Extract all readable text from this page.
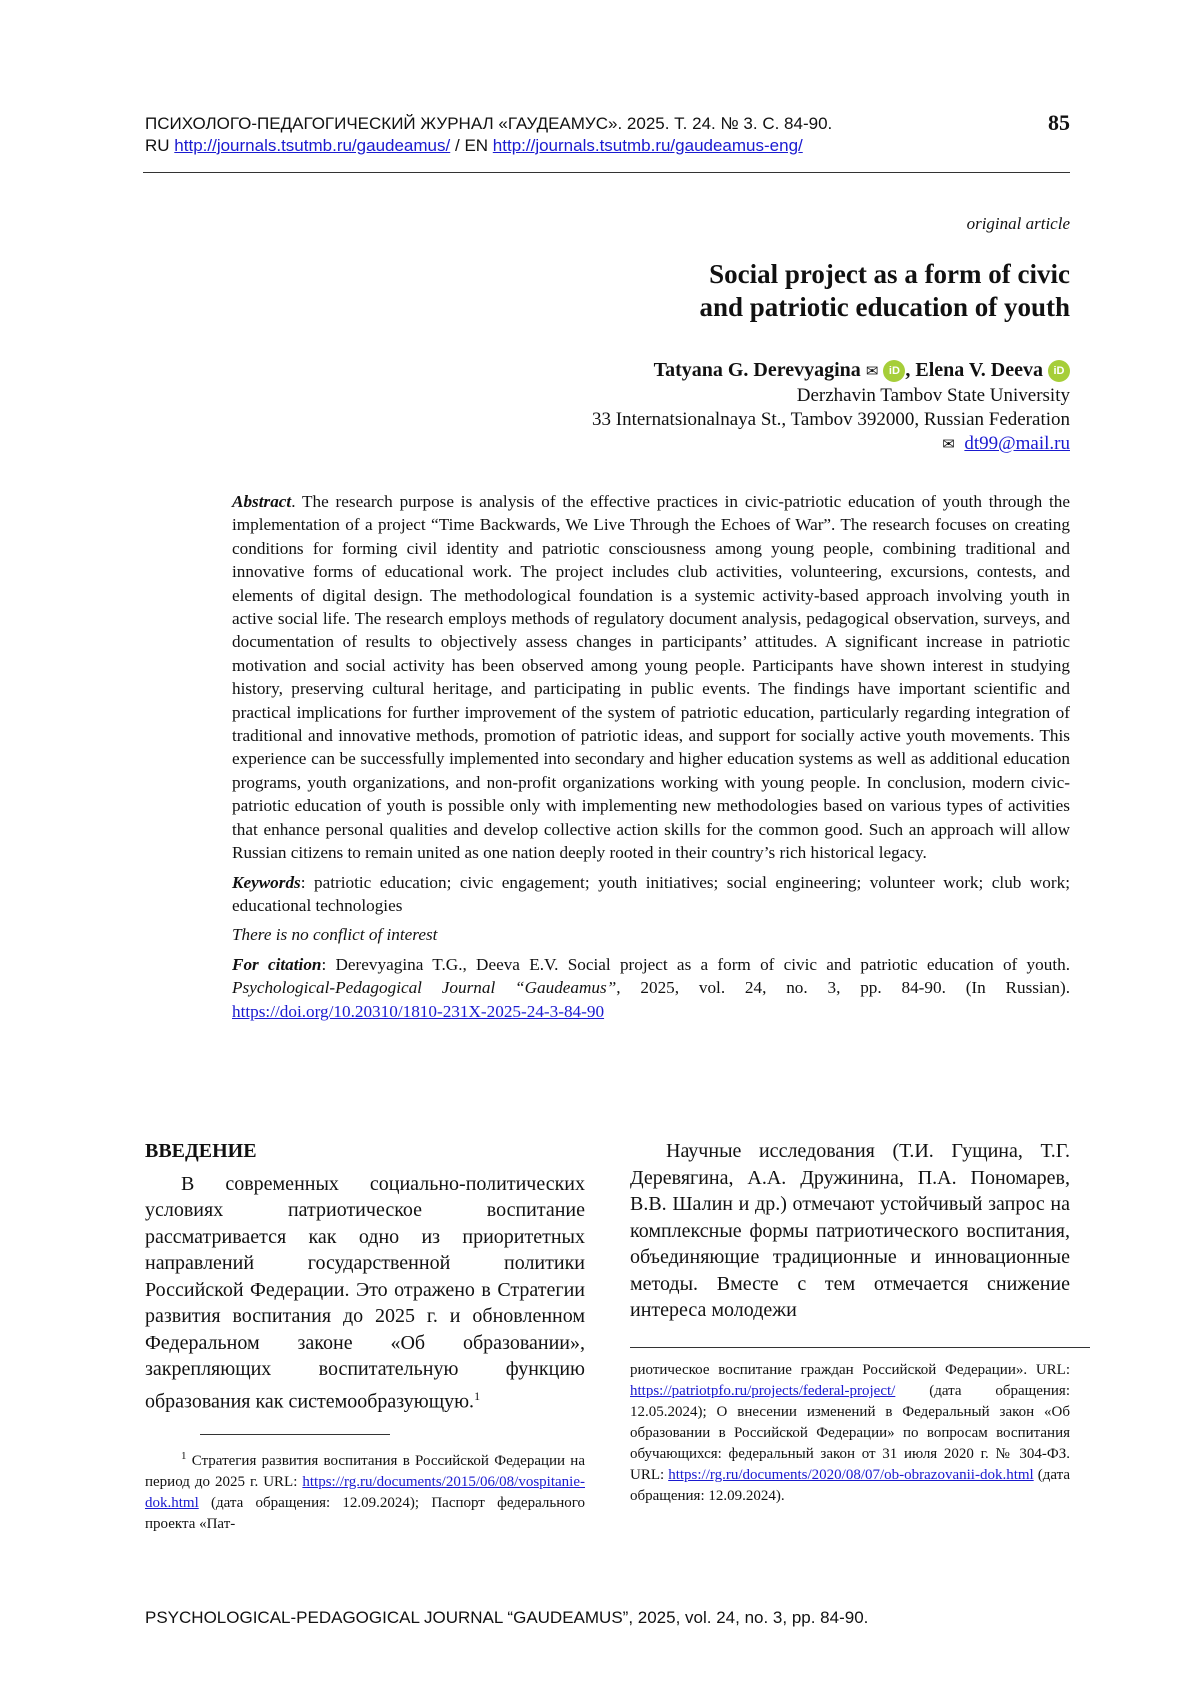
ПСИХОЛОГО-ПЕДАГОГИЧЕСКИЙ ЖУРНАЛ «ГАУДЕАМУС». 2025. Т. 24. № 3. С. 84-90.
RU http://journals.tsutmb.ru/gaudeamus/ / EN http://journals.tsutmb.ru/gaudeamus-eng/
85
original article
Social project as a form of civic
and patriotic education of youth
Tatyana G. Derevyagina ✉ iD , Elena V. Deeva iD
Derzhavin Tambov State University
33 Internatsionalnaya St., Tambov 392000, Russian Federation
✉ dt99@mail.ru

Abstract. The research purpose is analysis of the effective practices in civic-patriotic education of youth through the implementation of a project “Time Backwards, We Live Through the Echoes of War”. The research focuses on creating conditions for forming civil identity and patriotic consciousness among young people, combining traditional and innovative forms of educational work. The project includes club activities, volunteering, excursions, contests, and elements of digital design. The methodological foundation is a systemic activity-based approach involving youth in active social life. The research employs methods of regulatory document analysis, pedagogical observation, surveys, and documentation of results to objectively assess changes in participants’ attitudes. A significant increase in patriotic motivation and social activity has been observed among young people. Participants have shown interest in studying history, preserving cultural heritage, and participating in public events. The findings have important scientific and practical implications for further improvement of the system of patriotic education, particularly regarding integration of traditional and innovative methods, promotion of patriotic ideas, and support for socially active youth movements. This experience can be successfully implemented into secondary and higher education systems as well as additional education programs, youth organizations, and non-profit organizations working with young people. In conclusion, modern civic-patriotic education of youth is possible only with implementing new methodologies based on various types of activities that enhance personal qualities and develop collective action skills for the common good. Such an approach will allow Russian citizens to remain united as one nation deeply rooted in their country’s rich historical legacy.

Keywords: patriotic education; civic engagement; youth initiatives; social engineering; volunteer work; club work; educational technologies

There is no conflict of interest

For citation: Derevyagina T.G., Deeva E.V. Social project as a form of civic and patriotic education of youth. Psychological-Pedagogical Journal “Gaudeamus”, 2025, vol. 24, no. 3, pp. 84-90. (In Russian). https://doi.org/10.20310/1810-231X-2025-24-3-84-90

ВВЕДЕНИЕ

В современных социально-политических условиях патриотическое воспитание рассматривается как одно из приоритетных направлений государственной политики Российской Федерации. Это отражено в Стратегии развития воспитания до 2025 г. и обновленном Федеральном законе «Об образовании», закрепляющих воспитательную функцию образования как системообразующую.$^1$

Научные исследования (Т.И. Гущина, Т.Г. Деревягина, А.А. Дружинина, П.А. Пономарев, В.В. Шалин и др.) отмечают устойчивый запрос на комплексные формы патриотического воспитания, объединяющие традиционные и инновационные методы. Вместе с тем отмечается снижение интереса молодежи

$^1$ Стратегия развития воспитания в Российской Федерации на период до 2025 г. URL: https://rg.ru/documents/2015/06/08/vospitanie-dok.html (дата обращения: 12.09.2024); Паспорт федерального проекта «Пат-

риотическое воспитание граждан Российской Федерации». URL: https://patriotpfo.ru/projects/federal-project/ (дата обращения: 12.05.2024); О внесении изменений в Федеральный закон «Об образовании в Российской Федерации» по вопросам воспитания обучающихся: федеральный закон от 31 июля 2020 г. № 304-ФЗ. URL: https://rg.ru/documents/2020/08/07/ob-obrazovanii-dok.html (дата обращения: 12.09.2024).

PSYCHOLOGICAL-PEDAGOGICAL JOURNAL “GAUDEAMUS”, 2025, vol. 24, no. 3, pp. 84-90.
